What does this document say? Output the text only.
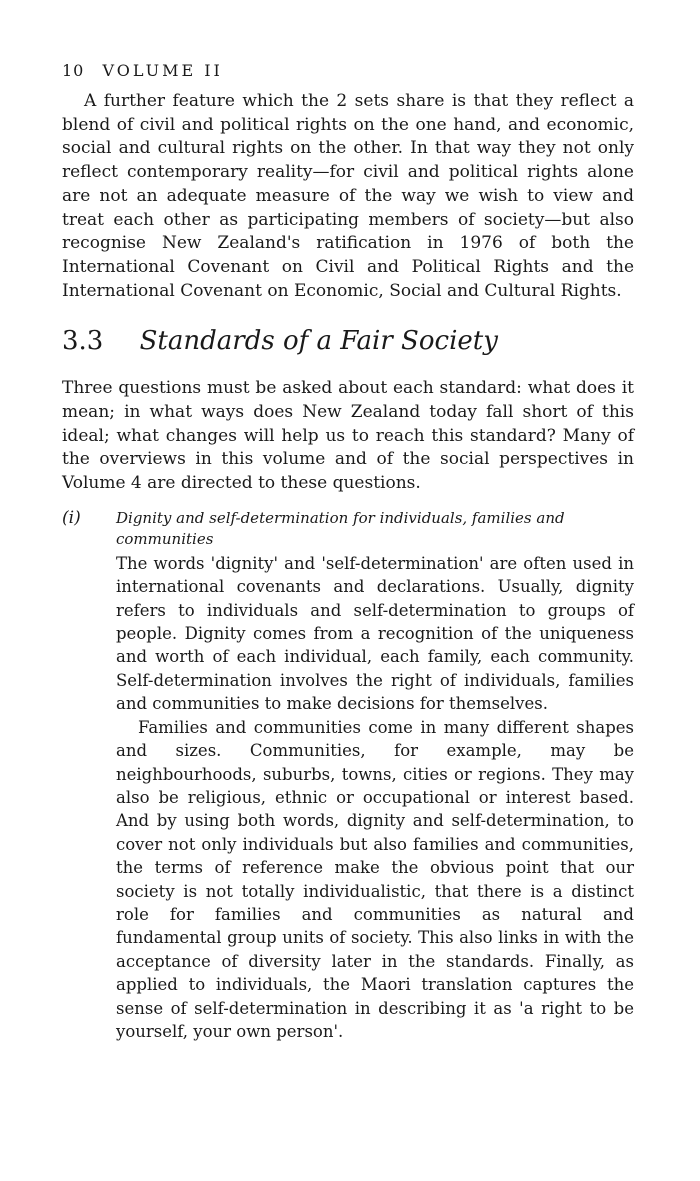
10 VOLUME II

A further feature which the 2 sets share is that they reflect a blend of civil and political rights on the one hand, and economic, social and cultural rights on the other. In that way they not only reflect contemporary reality—for civil and political rights alone are not an adequate measure of the way we wish to view and treat each other as participating members of society—but also recognise New Zealand's ratification in 1976 of both the International Covenant on Civil and Political Rights and the International Covenant on Economic, Social and Cultural Rights.

3.3 Standards of a Fair Society

Three questions must be asked about each standard: what does it mean; in what ways does New Zealand today fall short of this ideal; what changes will help us to reach this standard? Many of the overviews in this volume and of the social perspectives in Volume 4 are directed to these questions.

(i) Dignity and self-determination for individuals, families and communities

The words 'dignity' and 'self-determination' are often used in international covenants and declarations. Usually, dignity refers to individuals and self-determination to groups of people. Dignity comes from a recognition of the uniqueness and worth of each individual, each family, each community. Self-determination involves the right of individuals, families and communities to make decisions for themselves.

Families and communities come in many different shapes and sizes. Communities, for example, may be neighbourhoods, suburbs, towns, cities or regions. They may also be religious, ethnic or occupational or interest based. And by using both words, dignity and self-determination, to cover not only individuals but also families and communities, the terms of reference make the obvious point that our society is not totally individualistic, that there is a distinct role for families and communities as natural and fundamental group units of society. This also links in with the acceptance of diversity later in the standards. Finally, as applied to individuals, the Maori translation captures the sense of self-determination in describing it as 'a right to be yourself, your own person'.
